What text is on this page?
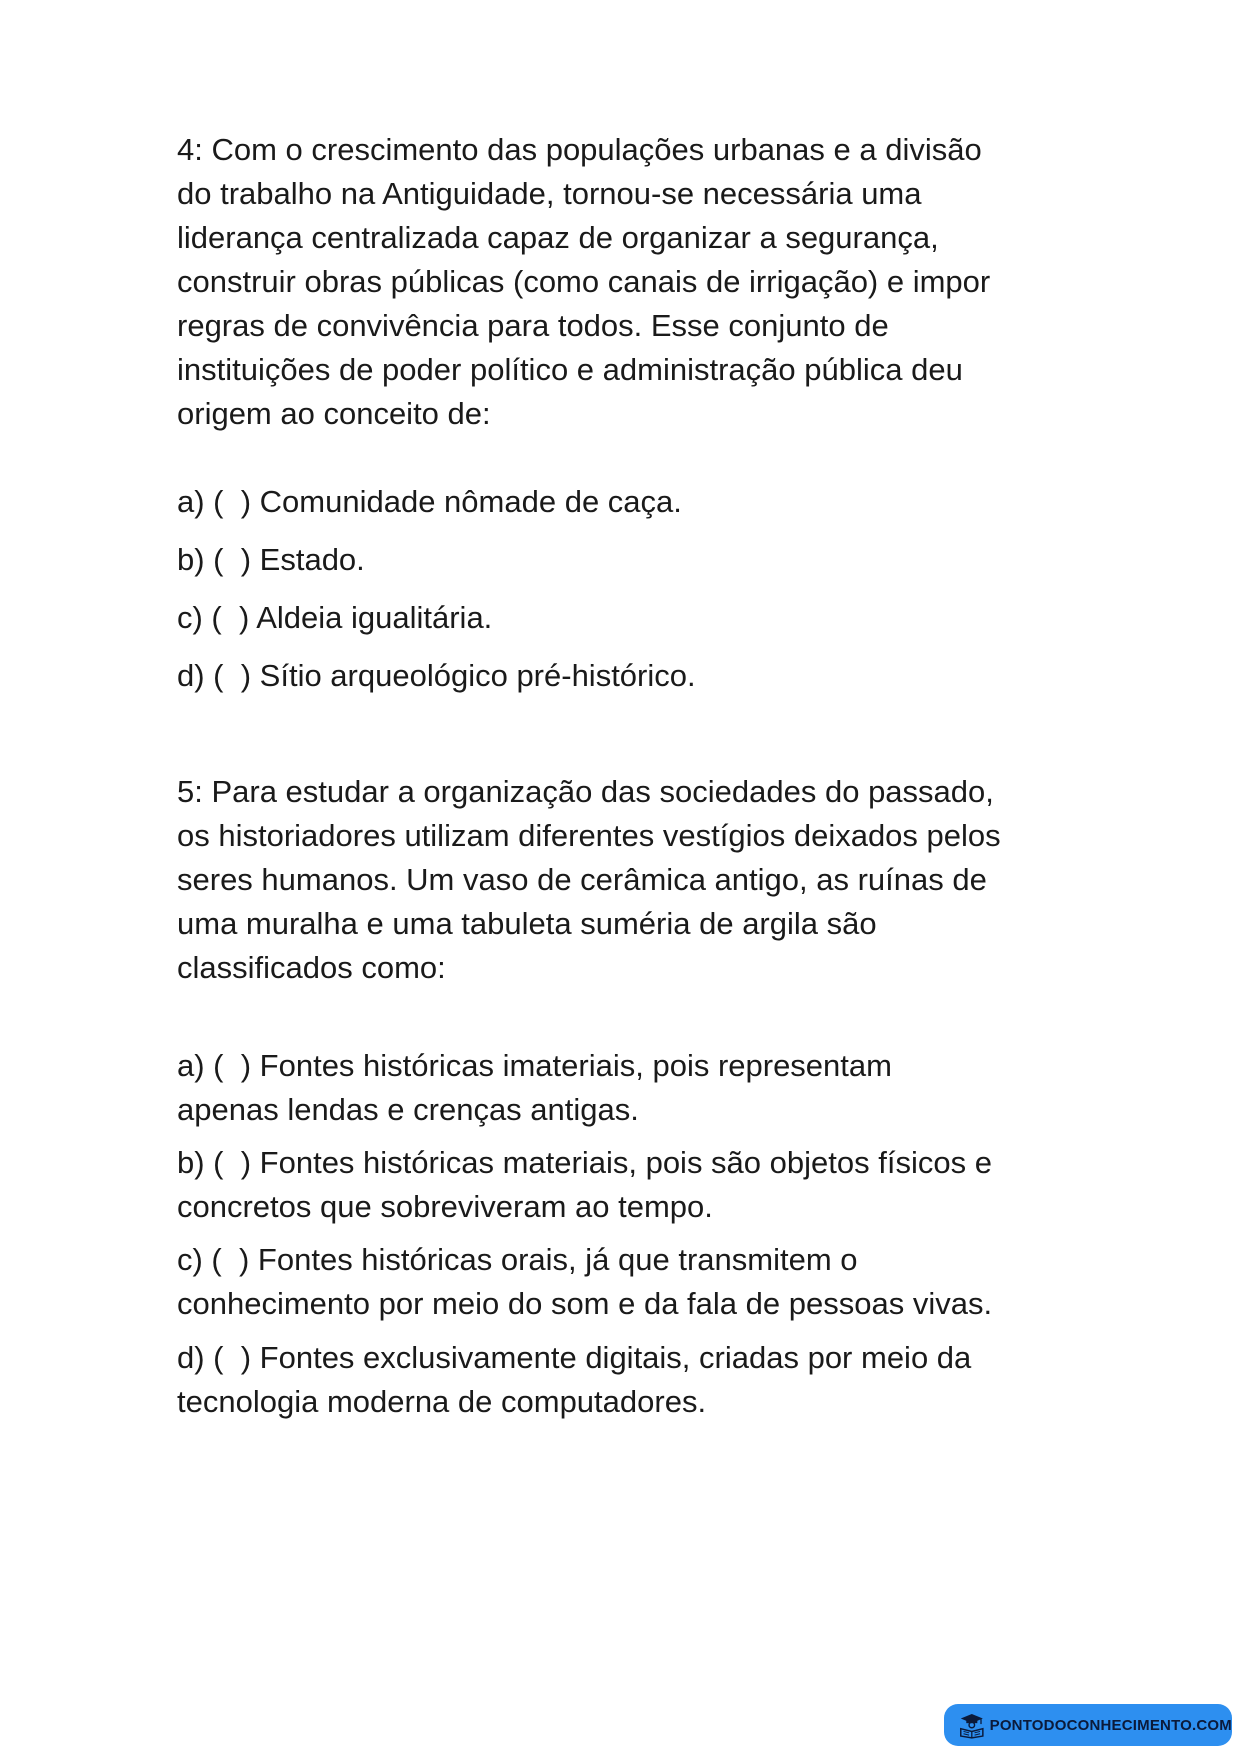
4: Com o crescimento das populações urbanas e a divisão
do trabalho na Antiguidade, tornou-se necessária uma
liderança centralizada capaz de organizar a segurança,
construir obras públicas (como canais de irrigação) e impor
regras de convivência para todos. Esse conjunto de
instituições de poder político e administração pública deu
origem ao conceito de:

a) (  ) Comunidade nômade de caça.

b) (  ) Estado.

c) (  ) Aldeia igualitária.

d) (  ) Sítio arqueológico pré-histórico.

5: Para estudar a organização das sociedades do passado,
os historiadores utilizam diferentes vestígios deixados pelos
seres humanos. Um vaso de cerâmica antigo, as ruínas de
uma muralha e uma tabuleta suméria de argila são
classificados como:

a) (  ) Fontes históricas imateriais, pois representam
apenas lendas e crenças antigas.

b) (  ) Fontes históricas materiais, pois são objetos físicos e
concretos que sobreviveram ao tempo.

c) (  ) Fontes históricas orais, já que transmitem o
conhecimento por meio do som e da fala de pessoas vivas.

d) (  ) Fontes exclusivamente digitais, criadas por meio da
tecnologia moderna de computadores.

PONTODOCONHECIMENTO.COM
